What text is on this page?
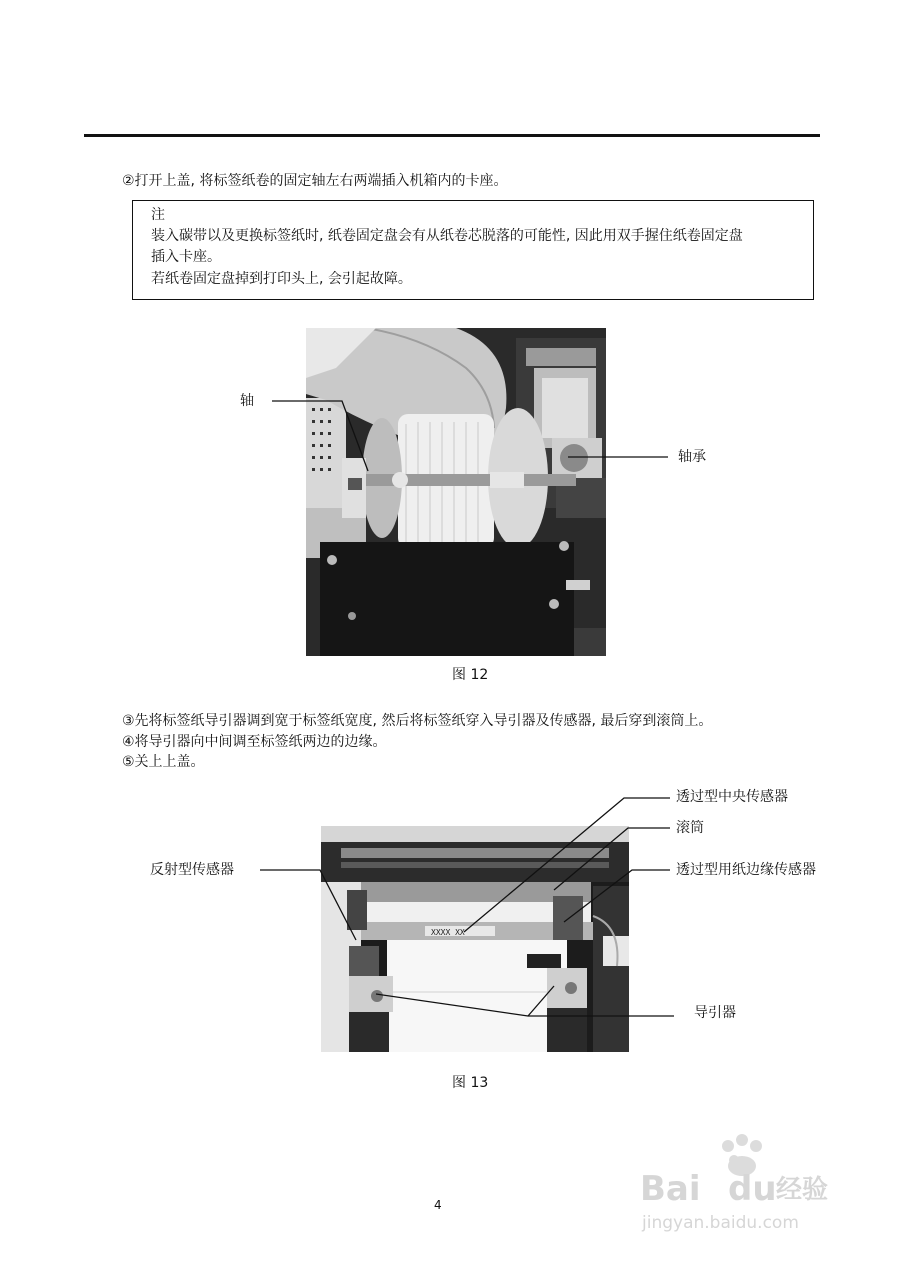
②打开上盖, 将标签纸卷的固定轴左右两端插入机箱内的卡座。
注
装入碳带以及更换标签纸时, 纸卷固定盘会有从纸卷芯脱落的可能性, 因此用双手握住纸卷固定盘
插入卡座。
若纸卷固定盘掉到打印头上, 会引起故障。
轴
轴承
图 12
③先将标签纸导引器调到宽于标签纸宽度, 然后将标签纸穿入导引器及传感器, 最后穿到滚筒上。
④将导引器向中间调至标签纸两边的边缘。
⑤关上上盖。
XXXX XX
透过型中央传感器
滚筒
透过型用纸边缘传感器
反射型传感器
导引器
图 13
4	Bai du 经验
jingyan.baidu.com
